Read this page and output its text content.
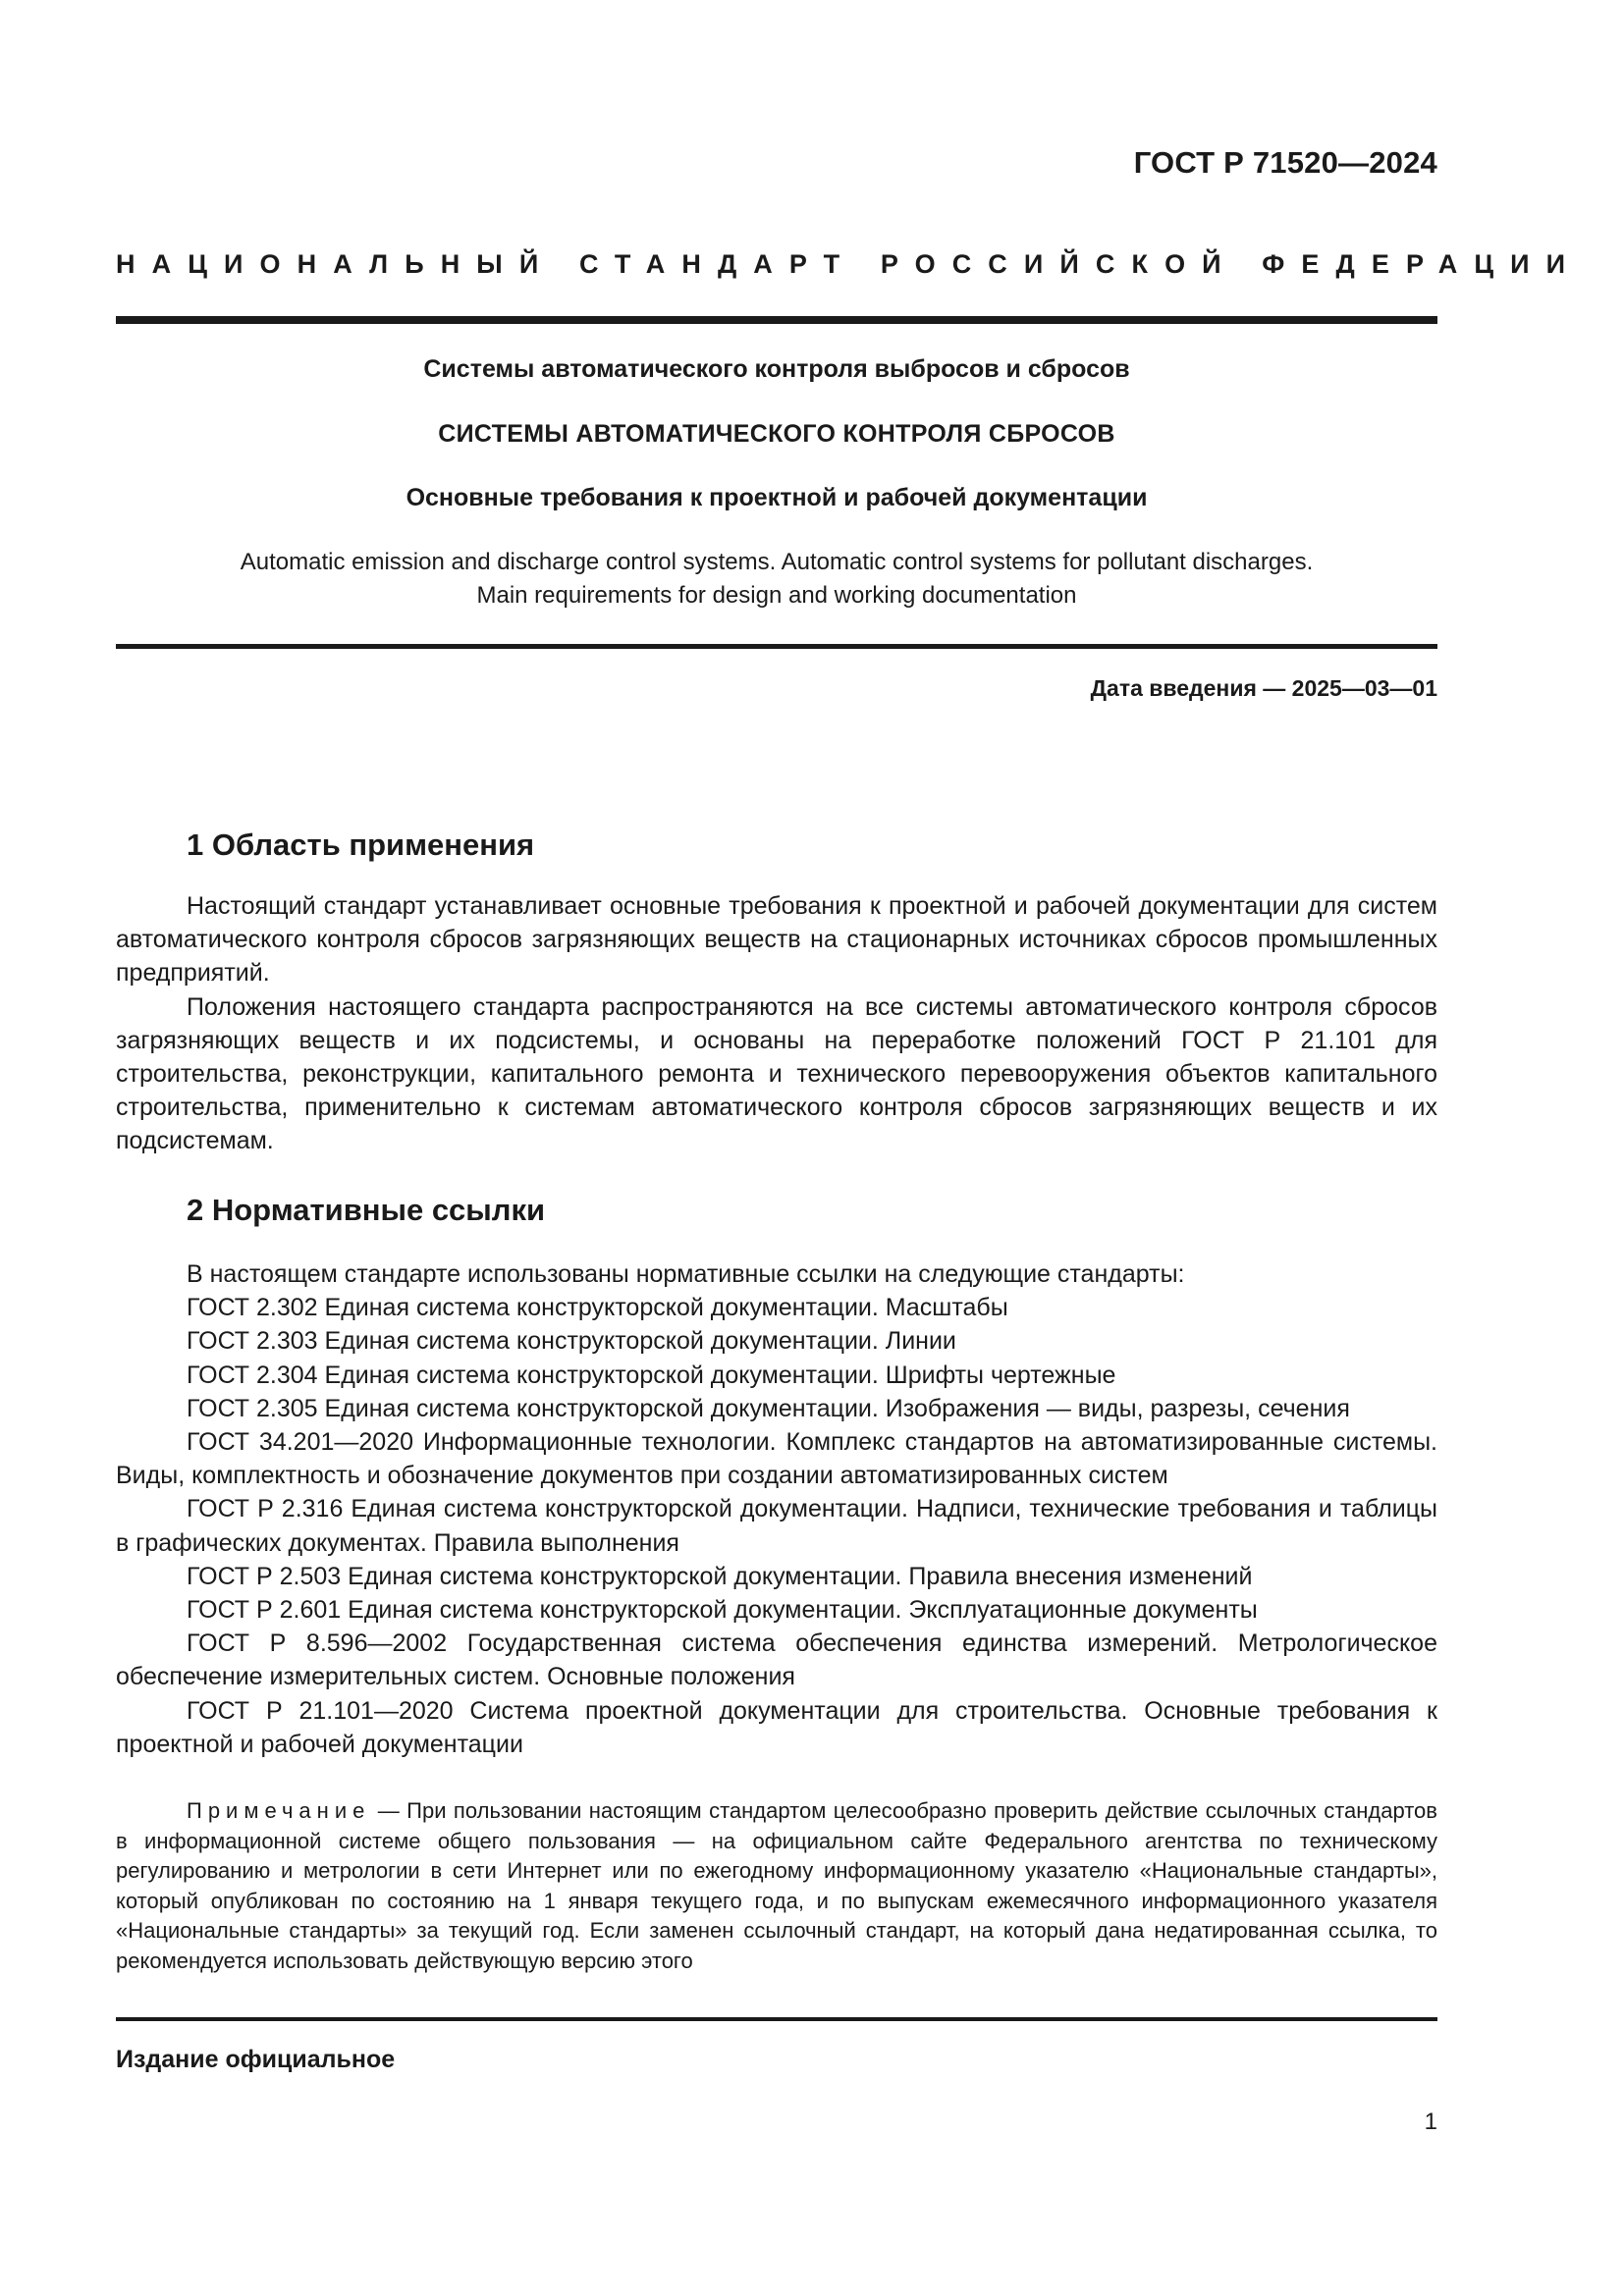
ГОСТ Р 71520—2024
НАЦИОНАЛЬНЫЙ СТАНДАРТ РОССИЙСКОЙ ФЕДЕРАЦИИ
Системы автоматического контроля выбросов и сбросов
СИСТЕМЫ АВТОМАТИЧЕСКОГО КОНТРОЛЯ СБРОСОВ
Основные требования к проектной и рабочей документации
Automatic emission and discharge control systems. Automatic control systems for pollutant discharges.
Main requirements for design and working documentation
Дата введения — 2025—03—01
1 Область применения

Настоящий стандарт устанавливает основные требования к проектной и рабочей документации для систем автоматического контроля сбросов загрязняющих веществ на стационарных источниках сбросов промышленных предприятий.

Положения настоящего стандарта распространяются на все системы автоматического контроля сбросов загрязняющих веществ и их подсистемы, и основаны на переработке положений ГОСТ Р 21.101 для строительства, реконструкции, капитального ремонта и технического перевооружения объектов капитального строительства, применительно к системам автоматического контроля сбросов загрязняющих веществ и их подсистемам.

2 Нормативные ссылки

В настоящем стандарте использованы нормативные ссылки на следующие стандарты:

ГОСТ 2.302 Единая система конструкторской документации. Масштабы

ГОСТ 2.303 Единая система конструкторской документации. Линии

ГОСТ 2.304 Единая система конструкторской документации. Шрифты чертежные

ГОСТ 2.305 Единая система конструкторской документации. Изображения — виды, разрезы, сечения

ГОСТ 34.201—2020 Информационные технологии. Комплекс стандартов на автоматизированные системы. Виды, комплектность и обозначение документов при создании автоматизированных систем

ГОСТ Р 2.316 Единая система конструкторской документации. Надписи, технические требования и таблицы в графических документах. Правила выполнения

ГОСТ Р 2.503 Единая система конструкторской документации. Правила внесения изменений

ГОСТ Р 2.601 Единая система конструкторской документации. Эксплуатационные документы

ГОСТ Р 8.596—2002 Государственная система обеспечения единства измерений. Метрологическое обеспечение измерительных систем. Основные положения

ГОСТ Р 21.101—2020 Система проектной документации для строительства. Основные требования к проектной и рабочей документации

Примечание — При пользовании настоящим стандартом целесообразно проверить действие ссылочных стандартов в информационной системе общего пользования — на официальном сайте Федерального агентства по техническому регулированию и метрологии в сети Интернет или по ежегодному информационному указателю «Национальные стандарты», который опубликован по состоянию на 1 января текущего года, и по выпускам ежемесячного информационного указателя «Национальные стандарты» за текущий год. Если заменен ссылочный стандарт, на который дана недатированная ссылка, то рекомендуется использовать действующую версию этого
Издание официальное
1
